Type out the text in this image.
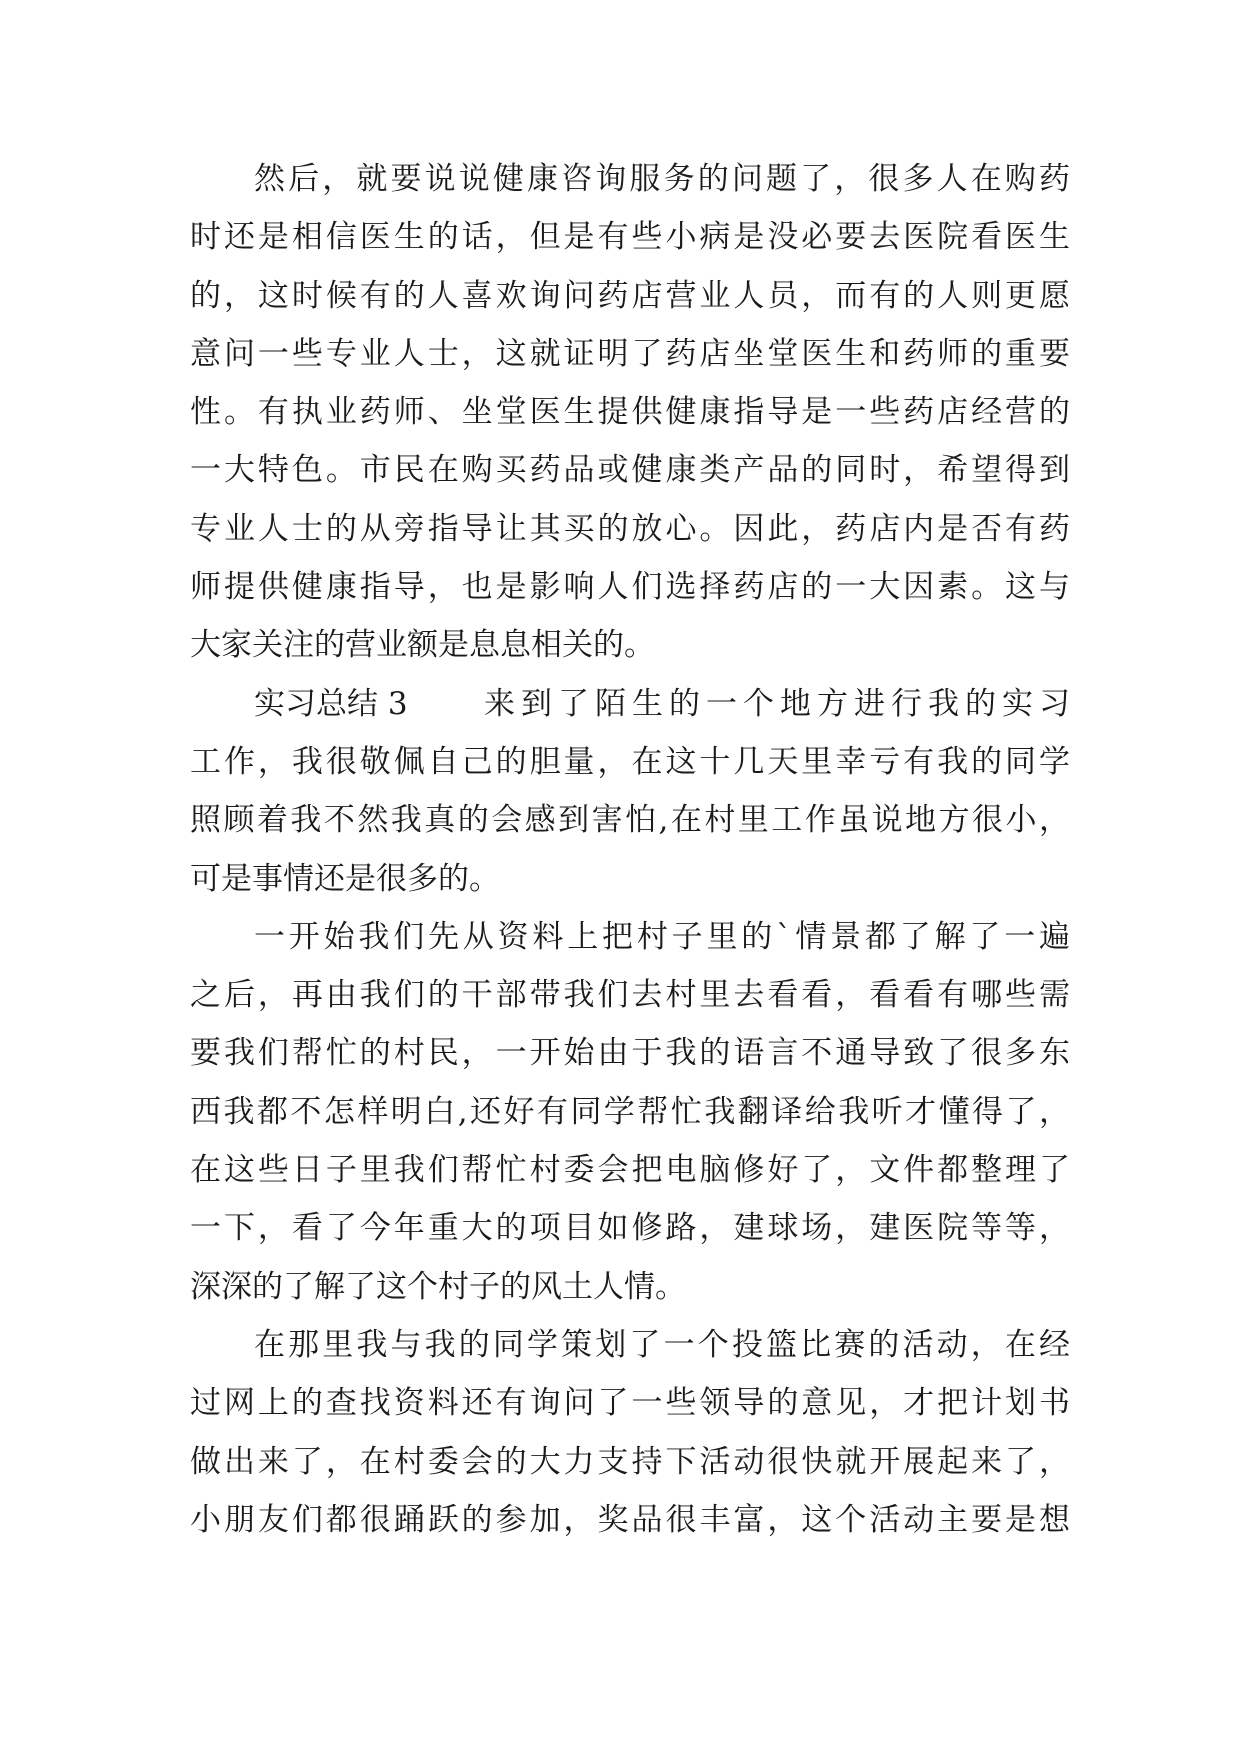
然后，就要说说健康咨询服务的问题了，很多人在购药
时还是相信医生的话，但是有些小病是没必要去医院看医生
的，这时候有的人喜欢询问药店营业人员，而有的人则更愿
意问一些专业人士，这就证明了药店坐堂医生和药师的重要
性。有执业药师、坐堂医生提供健康指导是一些药店经营的
一大特色。市民在购买药品或健康类产品的同时，希望得到
专业人士的从旁指导让其买的放心。因此，药店内是否有药
师提供健康指导，也是影响人们选择药店的一大因素。这与
大家关注的营业额是息息相关的。
实习总结 3	来到了陌生的一个地方进行我的实习
工作，我很敬佩自己的胆量，在这十几天里幸亏有我的同学
照顾着我不然我真的会感到害怕,在村里工作虽说地方很小，
可是事情还是很多的。
一开始我们先从资料上把村子里的`情景都了解了一遍
之后，再由我们的干部带我们去村里去看看，看看有哪些需
要我们帮忙的村民，一开始由于我的语言不通导致了很多东
西我都不怎样明白,还好有同学帮忙我翻译给我听才懂得了，
在这些日子里我们帮忙村委会把电脑修好了，文件都整理了
一下，看了今年重大的项目如修路，建球场，建医院等等，
深深的了解了这个村子的风土人情。
在那里我与我的同学策划了一个投篮比赛的活动，在经
过网上的查找资料还有询问了一些领导的意见，才把计划书
做出来了，在村委会的大力支持下活动很快就开展起来了，
小朋友们都很踊跃的参加，奖品很丰富，这个活动主要是想
